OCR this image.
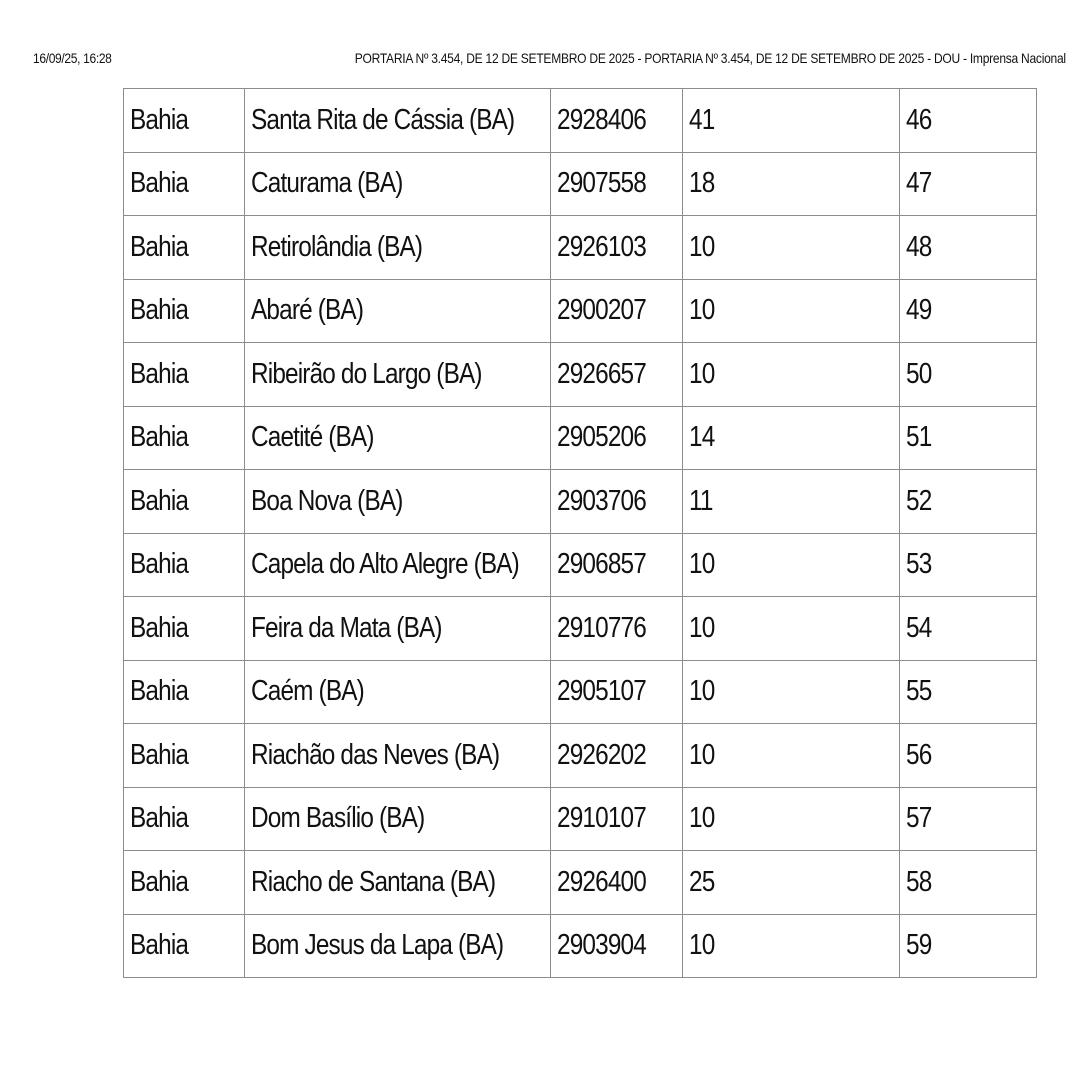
16/09/25, 16:28	PORTARIA Nº 3.454, DE 12 DE SETEMBRO DE 2025 - PORTARIA Nº 3.454, DE 12 DE SETEMBRO DE 2025 - DOU - Imprensa Nacional
Bahia	Santa Rita de Cássia (BA)	2928406	41	46
Bahia	Caturama (BA)	2907558	18	47
Bahia	Retirolândia (BA)	2926103	10	48
Bahia	Abaré (BA)	2900207	10	49
Bahia	Ribeirão do Largo (BA)	2926657	10	50
Bahia	Caetité (BA)	2905206	14	51
Bahia	Boa Nova (BA)	2903706	11	52
Bahia	Capela do Alto Alegre (BA)	2906857	10	53
Bahia	Feira da Mata (BA)	2910776	10	54
Bahia	Caém (BA)	2905107	10	55
Bahia	Riachão das Neves (BA)	2926202	10	56
Bahia	Dom Basílio (BA)	2910107	10	57
Bahia	Riacho de Santana (BA)	2926400	25	58
Bahia	Bom Jesus da Lapa (BA)	2903904	10	59
